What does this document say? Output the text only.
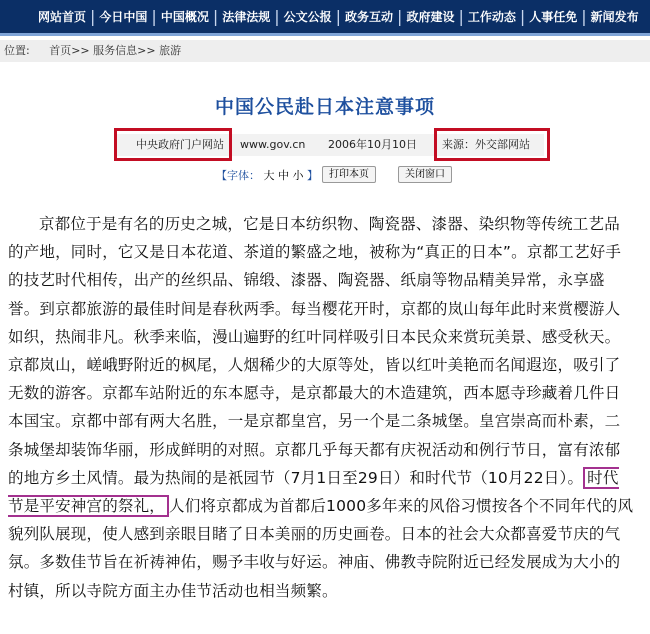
网站首页 | 今日中国 | 中国概况 | 法律法规 | 公文公报 | 政务互动 | 政府建设 | 工作动态 | 人事任免 | 新闻发布
位置: 首页>> 服务信息>> 旅游
中国公民赴日本注意事项
中央政府门户网站 www.gov.cn 2006年10月10日 来源：外交部网站
【字体： 大 中 小 】	打印本页	关闭窗口

京都位于是有名的历史之城，它是日本纺织物、陶瓷器、漆器、染织物等传统工艺品的产地，同时，它又是日本花道、茶道的繁盛之地，被称为“真正的日本”。京都工艺好手的技艺时代相传，出产的丝织品、锦缎、漆器、陶瓷器、纸扇等物品精美异常，永享盛誉。到京都旅游的最佳时间是春秋两季。每当樱花开时，京都的岚山每年此时来赏樱游人如织，热闹非凡。秋季来临，漫山遍野的红叶同样吸引日本民众来赏玩美景、感受秋天。京都岚山，嵯峨野附近的枫尾，人烟稀少的大原等处，皆以红叶美艳而名闻遐迩，吸引了无数的游客。京都车站附近的东本愿寺，是京都最大的木造建筑，西本愿寺珍藏着几件日本国宝。京都中部有两大名胜，一是京都皇宫，另一个是二条城堡。皇宫崇高而朴素，二条城堡却装饰华丽，形成鲜明的对照。京都几乎每天都有庆祝活动和例行节日，富有浓郁的地方乡土风情。最为热闹的是祇园节（7月1日至29日）和时代节（10月22日）。 时代节是平安神宫的祭礼， 人们将京都成为首都后1000多年来的风俗习惯按各个不同年代的风貌列队展现，使人感到亲眼目睹了日本美丽的历史画卷。日本的社会大众都喜爱节庆的气氛。多数佳节旨在祈祷神佑，赐予丰收与好运。神庙、佛教寺院附近已经发展成为大小的村镇，所以寺院方面主办佳节活动也相当频繁。
